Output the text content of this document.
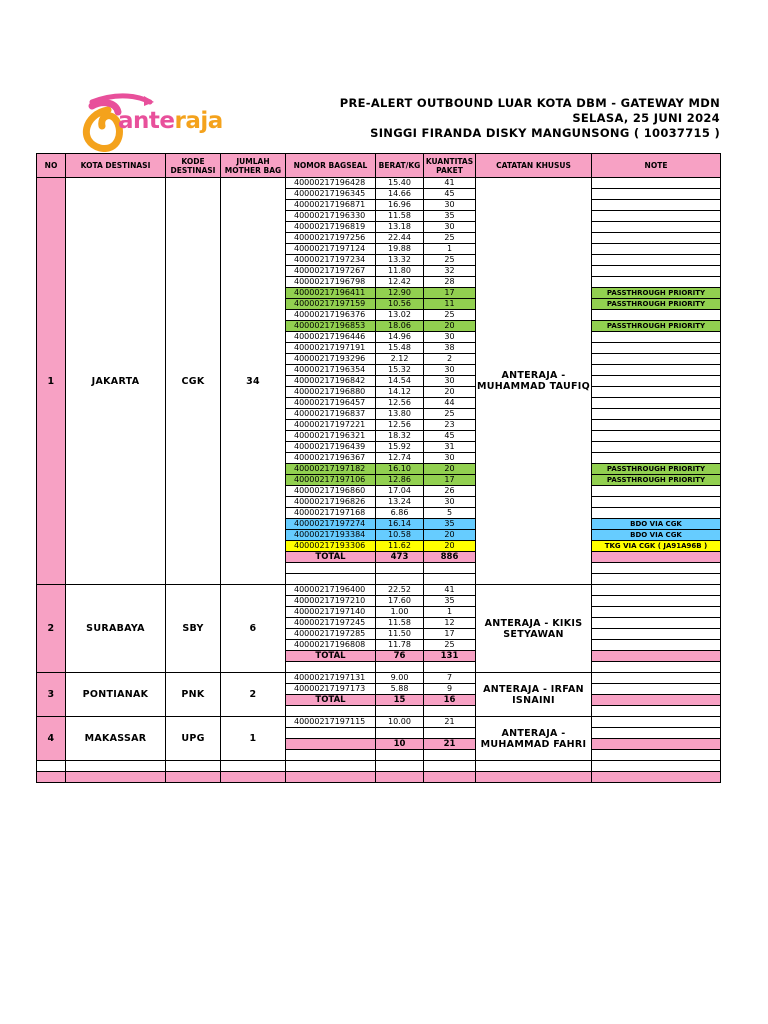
anteraja
PRE-ALERT OUTBOUND LUAR KOTA DBM - GATEWAY MDN
SELASA, 25 JUNI 2024
SINGGI FIRANDA DISKY MANGUNSONG ( 10037715 )
NO	KOTA DESTINASI	KODE DESTINASI	JUMLAH MOTHER BAG	NOMOR BAGSEAL	BERAT/KG	KUANTITAS PAKET	CATATAN KHUSUS	NOTE
1	JAKARTA	CGK	34	40000217196428	15.40	41	ANTERAJA - MUHAMMAD TAUFIQ	
				40000217196345	14.66	45		
				40000217196871	16.96	30		
				40000217196330	11.58	35		
				40000217196819	13.18	30		
				40000217197256	22.44	25		
				40000217197124	19.88	1		
				40000217197234	13.32	25		
				40000217197267	11.80	32		
				40000217196798	12.42	28		
				40000217196411	12.90	17		PASSTHROUGH PRIORITY
				40000217197159	10.56	11		PASSTHROUGH PRIORITY
				40000217196376	13.02	25		
				40000217196853	18.06	20		PASSTHROUGH PRIORITY
				40000217196446	14.96	30		
				40000217197191	15.48	38		
				40000217193296	2.12	2		
				40000217196354	15.32	30		
				40000217196842	14.54	30		
				40000217196880	14.12	20		
				40000217196457	12.56	44		
				40000217196837	13.80	25		
				40000217197221	12.56	23		
				40000217196321	18.32	45		
				40000217196439	15.92	31		
				40000217196367	12.74	30		
				40000217197182	16.10	20		PASSTHROUGH PRIORITY
				40000217197106	12.86	17		PASSTHROUGH PRIORITY
				40000217196860	17.04	26		
				40000217196826	13.24	30		
				40000217197168	6.86	5		
				40000217197274	16.14	35		BDO VIA CGK
				40000217193384	10.58	20		BDO VIA CGK
				40000217193306	11.62	20		TKG VIA CGK ( JA91A96B )
				TOTAL	473	886		

2	SURABAYA	SBY	6	40000217196400	22.52	41	ANTERAJA - KIKIS SETYAWAN	
				40000217197210	17.60	35		
				40000217197140	1.00	1		
				40000217197245	11.58	12		
				40000217197285	11.50	17		
				40000217196808	11.78	25		
				TOTAL	76	131		

3	PONTIANAK	PNK	2	40000217197131	9.00	7	ANTERAJA - IRFAN ISNAINI	
				40000217197173	5.88	9		
				TOTAL	15	16		

4	MAKASSAR	UPG	1	40000217197115	10.00	21	ANTERAJA - MUHAMMAD FAHRI	

					10	21		
